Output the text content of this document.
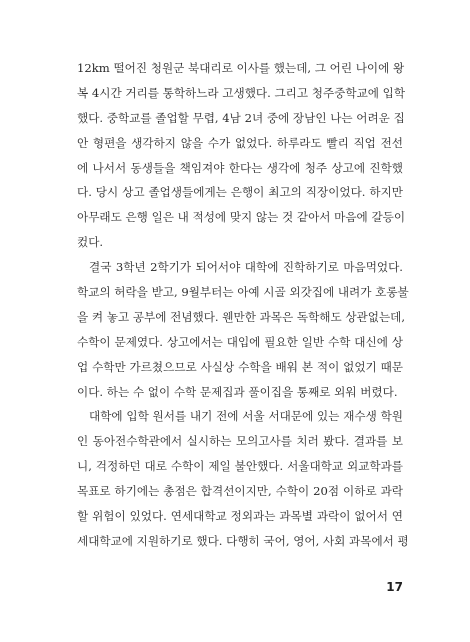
12km 떨어진 청원군 북대리로 이사를 했는데, 그 어린 나이에 왕
복 4시간 거리를 통학하느라 고생했다. 그리고 청주중학교에 입학
했다. 중학교를 졸업할 무렵, 4남 2녀 중에 장남인 나는 어려운 집
안 형편을 생각하지 않을 수가 없었다. 하루라도 빨리 직업 전선
에 나서서 동생들을 책임져야 한다는 생각에 청주 상고에 진학했
다. 당시 상고 졸업생들에게는 은행이 최고의 직장이었다. 하지만
아무래도 은행 일은 내 적성에 맞지 않는 것 같아서 마음에 갈등이
컸다.
결국 3학년 2학기가 되어서야 대학에 진학하기로 마음먹었다.
학교의 허락을 받고, 9월부터는 아예 시골 외갓집에 내려가 호롱불
을 켜 놓고 공부에 전념했다. 웬만한 과목은 독학해도 상관없는데,
수학이 문제였다. 상고에서는 대입에 필요한 일반 수학 대신에 상
업 수학만 가르쳤으므로 사실상 수학을 배워 본 적이 없었기 때문
이다. 하는 수 없이 수학 문제집과 풀이집을 통째로 외워 버렸다.
대학에 입학 원서를 내기 전에 서울 서대문에 있는 재수생 학원
인 동아전수학관에서 실시하는 모의고사를 치러 봤다. 결과를 보
니, 걱정하던 대로 수학이 제일 불안했다. 서울대학교 외교학과를
목표로 하기에는 총점은 합격선이지만, 수학이 20점 이하로 과락
할 위험이 있었다. 연세대학교 정외과는 과목별 과락이 없어서 연
세대학교에 지원하기로 했다. 다행히 국어, 영어, 사회 과목에서 평
17
